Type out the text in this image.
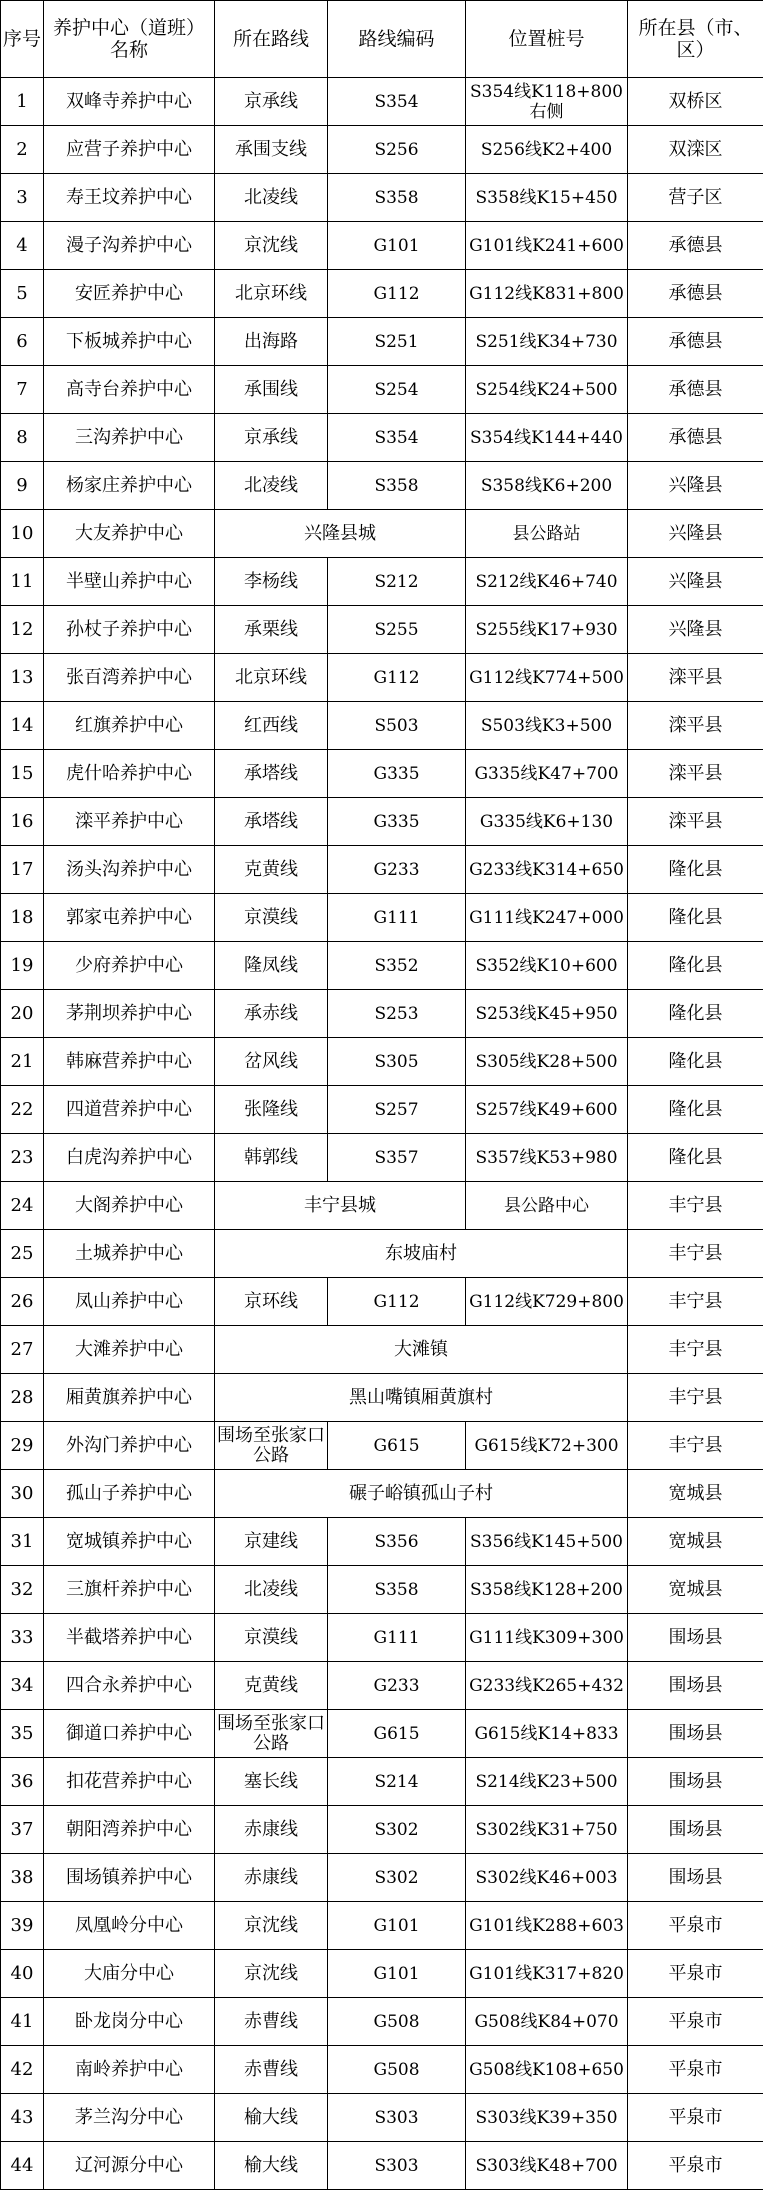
序号	养护中心（道班）名称	所在路线	路线编码	位置桩号	所在县（市、区）
1	双峰寺养护中心	京承线	S354	S354线K118+800右侧	双桥区
2	应营子养护中心	承围支线	S256	S256线K2+400	双滦区
3	寿王坟养护中心	北凌线	S358	S358线K15+450	营子区
4	漫子沟养护中心	京沈线	G101	G101线K241+600	承德县
5	安匠养护中心	北京环线	G112	G112线K831+800	承德县
6	下板城养护中心	出海路	S251	S251线K34+730	承德县
7	高寺台养护中心	承围线	S254	S254线K24+500	承德县
8	三沟养护中心	京承线	S354	S354线K144+440	承德县
9	杨家庄养护中心	北凌线	S358	S358线K6+200	兴隆县
10	大友养护中心	兴隆县城		县公路站	兴隆县
11	半壁山养护中心	李杨线	S212	S212线K46+740	兴隆县
12	孙杖子养护中心	承栗线	S255	S255线K17+930	兴隆县
13	张百湾养护中心	北京环线	G112	G112线K774+500	滦平县
14	红旗养护中心	红西线	S503	S503线K3+500	滦平县
15	虎什哈养护中心	承塔线	G335	G335线K47+700	滦平县
16	滦平养护中心	承塔线	G335	G335线K6+130	滦平县
17	汤头沟养护中心	克黄线	G233	G233线K314+650	隆化县
18	郭家屯养护中心	京漠线	G111	G111线K247+000	隆化县
19	少府养护中心	隆凤线	S352	S352线K10+600	隆化县
20	茅荆坝养护中心	承赤线	S253	S253线K45+950	隆化县
21	韩麻营养护中心	岔风线	S305	S305线K28+500	隆化县
22	四道营养护中心	张隆线	S257	S257线K49+600	隆化县
23	白虎沟养护中心	韩郭线	S357	S357线K53+980	隆化县
24	大阁养护中心	丰宁县城		县公路中心	丰宁县
25	土城养护中心	东坡庙村			丰宁县
26	凤山养护中心	京环线	G112	G112线K729+800	丰宁县
27	大滩养护中心	大滩镇			丰宁县
28	厢黄旗养护中心	黑山嘴镇厢黄旗村			丰宁县
29	外沟门养护中心	围场至张家口公路	G615	G615线K72+300	丰宁县
30	孤山子养护中心	碾子峪镇孤山子村			宽城县
31	宽城镇养护中心	京建线	S356	S356线K145+500	宽城县
32	三旗杆养护中心	北凌线	S358	S358线K128+200	宽城县
33	半截塔养护中心	京漠线	G111	G111线K309+300	围场县
34	四合永养护中心	克黄线	G233	G233线K265+432	围场县
35	御道口养护中心	围场至张家口公路	G615	G615线K14+833	围场县
36	扣花营养护中心	塞长线	S214	S214线K23+500	围场县
37	朝阳湾养护中心	赤康线	S302	S302线K31+750	围场县
38	围场镇养护中心	赤康线	S302	S302线K46+003	围场县
39	凤凰岭分中心	京沈线	G101	G101线K288+603	平泉市
40	大庙分中心	京沈线	G101	G101线K317+820	平泉市
41	卧龙岗分中心	赤曹线	G508	G508线K84+070	平泉市
42	南岭养护中心	赤曹线	G508	G508线K108+650	平泉市
43	茅兰沟分中心	榆大线	S303	S303线K39+350	平泉市
44	辽河源分中心	榆大线	S303	S303线K48+700	平泉市
